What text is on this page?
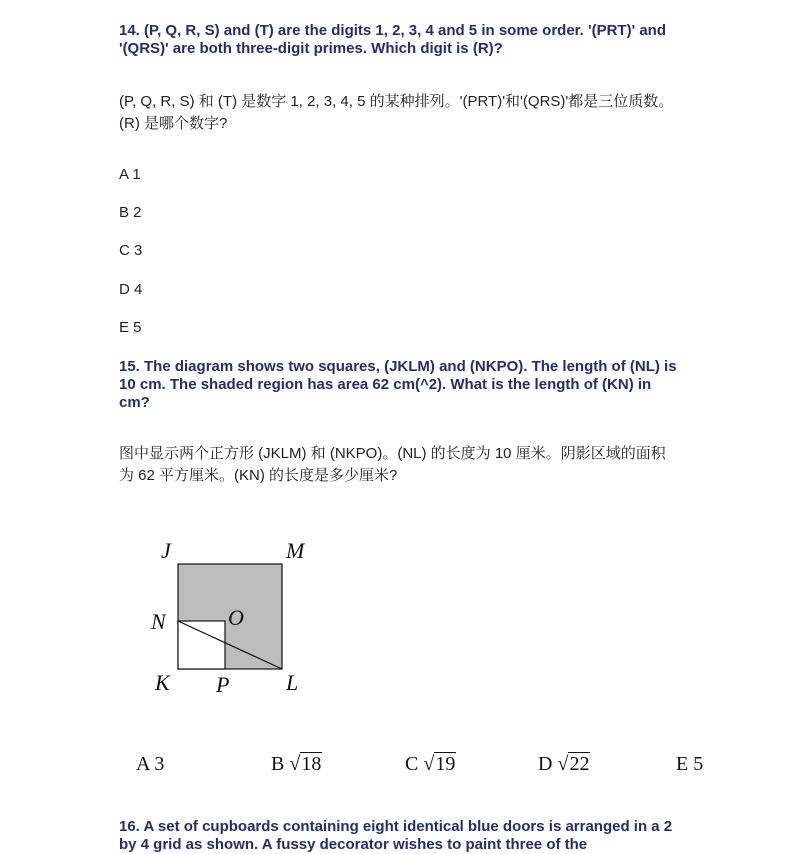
14. (P, Q, R, S) and (T) are the digits 1, 2, 3, 4 and 5 in some order. '(PRT)' and '(QRS)' are both three-digit primes. Which digit is (R)?

(P, Q, R, S) 和 (T) 是数字 1, 2, 3, 4, 5 的某种排列。'(PRT)'和'(QRS)'都是三位质数。(R) 是哪个数字?

A 1
B 2
C 3
D 4
E 5

15. The diagram shows two squares, (JKLM) and (NKPO). The length of (NL) is 10 cm. The shaded region has area 62 cm(^2). What is the length of (KN) in cm?

图中显示两个正方形 (JKLM) 和 (NKPO)。(NL) 的长度为 10 厘米。阴影区域的面积为 62 平方厘米。(KN) 的长度是多少厘米?

J	M
N	O
K P	L
A 3	B √18	C √19	D √22	E 5

16. A set of cupboards containing eight identical blue doors is arranged in a 2 by 4 grid as shown. A fussy decorator wishes to paint three of the
